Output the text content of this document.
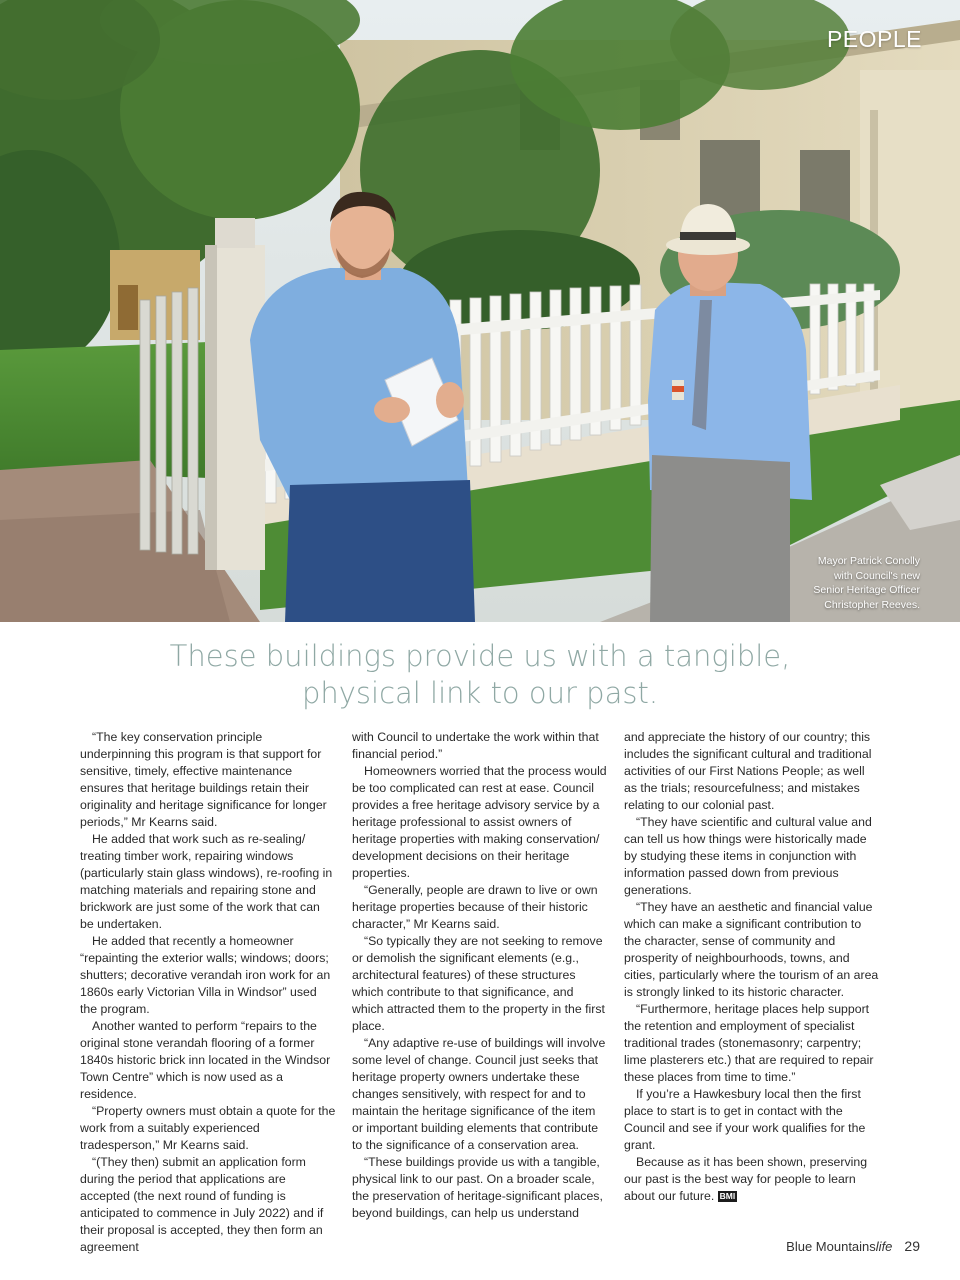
PEOPLE
Mayor Patrick Conolly
with Council's new
Senior Heritage Officer
Christopher Reeves.
These buildings provide us with a tangible,
physical link to our past.

“The key conservation principle underpinning this program is that support for sensitive, timely, effective maintenance ensures that heritage buildings retain their originality and heritage significance for longer periods,” Mr Kearns said.

He added that work such as re-sealing/ treating timber work, repairing windows (particularly stain glass windows), re-roofing in matching materials and repairing stone and brickwork are just some of the work that can be undertaken.

He added that recently a homeowner “repainting the exterior walls; windows; doors; shutters; decorative verandah iron work for an 1860s early Victorian Villa in Windsor” used the program.

Another wanted to perform “repairs to the original stone verandah flooring of a former 1840s historic brick inn located in the Windsor Town Centre” which is now used as a residence.

“Property owners must obtain a quote for the work from a suitably experienced tradesperson,” Mr Kearns said.

“(They then) submit an application form during the period that applications are accepted (the next round of funding is anticipated to commence in July 2022) and if their proposal is accepted, they then form an agreement

with Council to undertake the work within that financial period.”

Homeowners worried that the process would be too complicated can rest at ease. Council provides a free heritage advisory service by a heritage professional to assist owners of heritage properties with making conservation/ development decisions on their heritage properties.

“Generally, people are drawn to live or own heritage properties because of their historic character,” Mr Kearns said.

“So typically they are not seeking to remove or demolish the significant elements (e.g., architectural features) of these structures which contribute to that significance, and which attracted them to the property in the first place.

“Any adaptive re-use of buildings will involve some level of change. Council just seeks that heritage property owners undertake these changes sensitively, with respect for and to maintain the heritage significance of the item or important building elements that contribute to the significance of a conservation area.

“These buildings provide us with a tangible, physical link to our past. On a broader scale, the preservation of heritage-significant places, beyond buildings, can help us understand

and appreciate the history of our country; this includes the significant cultural and traditional activities of our First Nations People; as well as the trials; resourcefulness; and mistakes relating to our colonial past.

“They have scientific and cultural value and can tell us how things were historically made by studying these items in conjunction with information passed down from previous generations.

“They have an aesthetic and financial value which can make a significant contribution to the character, sense of community and prosperity of neighbourhoods, towns, and cities, particularly where the tourism of an area is strongly linked to its historic character.

“Furthermore, heritage places help support the retention and employment of specialist traditional trades (stonemasonry; carpentry; lime plasterers etc.) that are required to repair these places from time to time.”

If you’re a Hawkesbury local then the first place to start is to get in contact with the Council and see if your work qualifies for the grant.

Because as it has been shown, preserving our past is the best way for people to learn about our future. BMl

Blue Mountainslife 29
